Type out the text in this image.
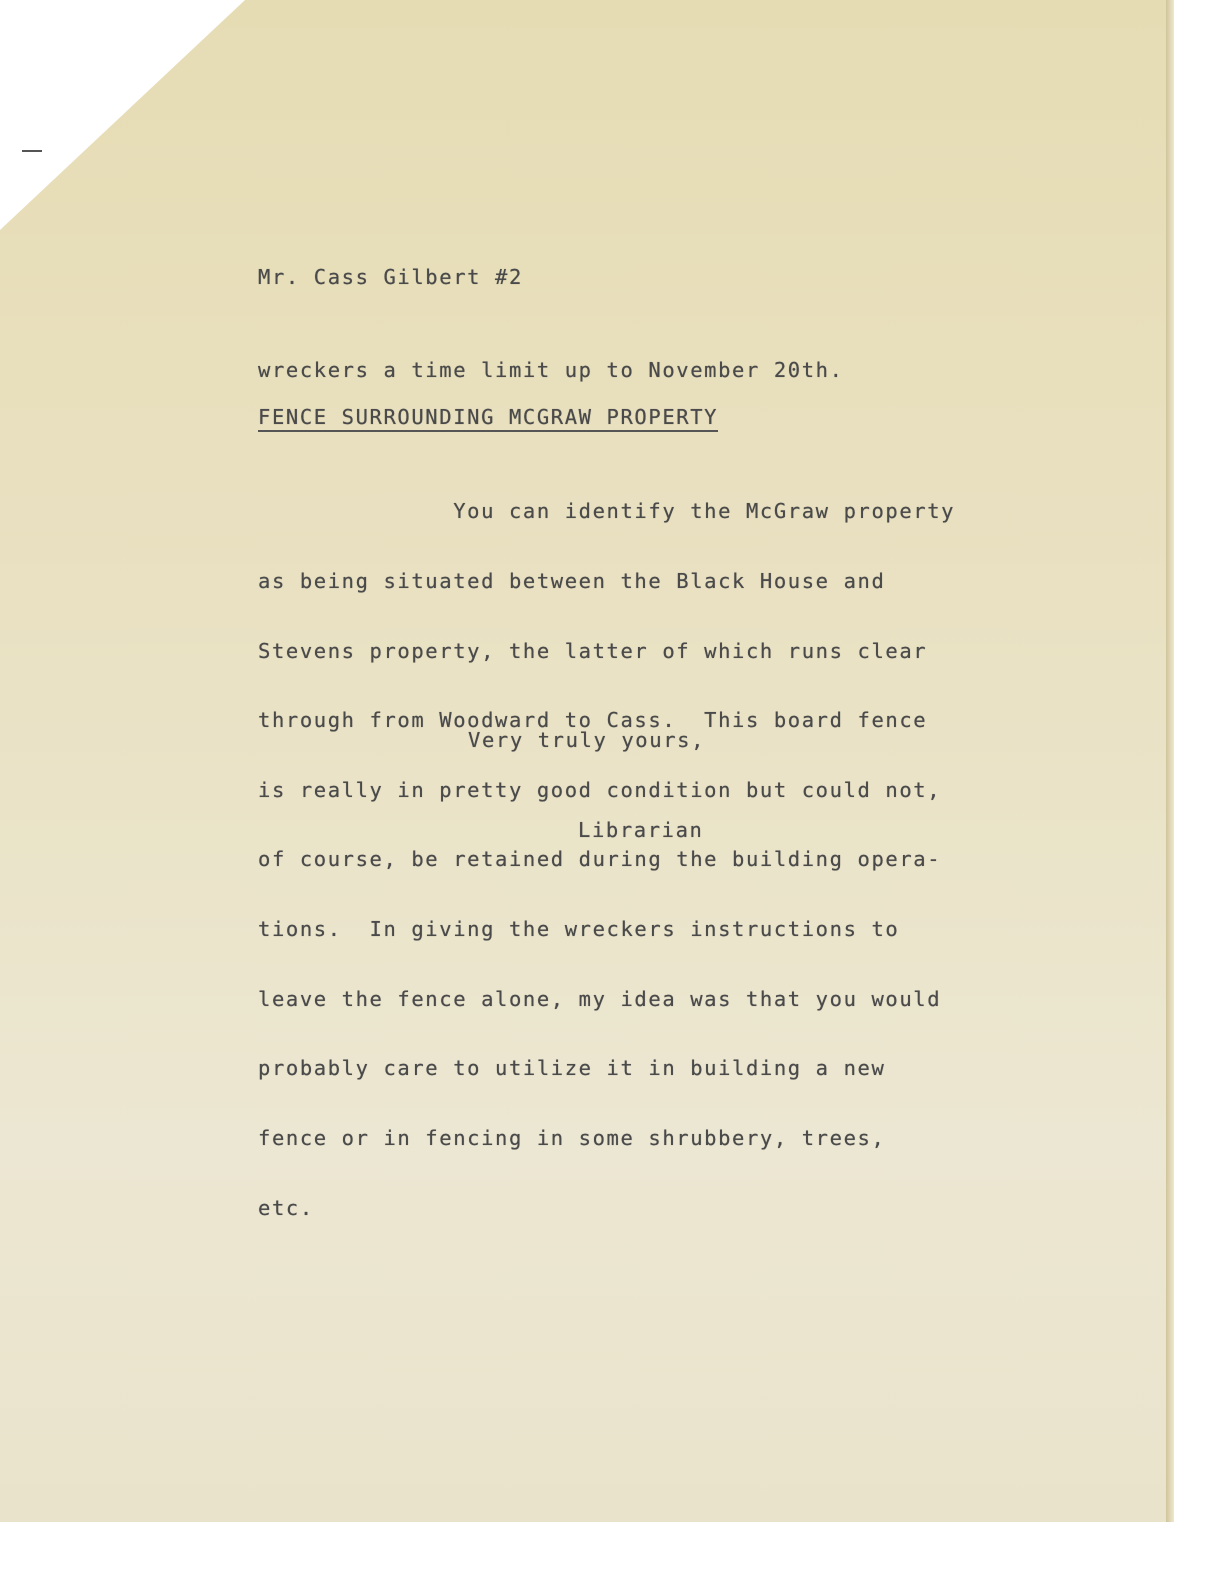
Mr. Cass Gilbert #2

wreckers a time limit up to November 20th.

FENCE SURROUNDING MCGRAW PROPERTY

You can identify the McGraw property

as being situated between the Black House and

Stevens property, the latter of which runs clear

through from Woodward to Cass.  This board fence

is really in pretty good condition but could not,

of course, be retained during the building opera-

tions.  In giving the wreckers instructions to

leave the fence alone, my idea was that you would

probably care to utilize it in building a new

fence or in fencing in some shrubbery, trees,

etc.

Very truly yours,

Librarian
